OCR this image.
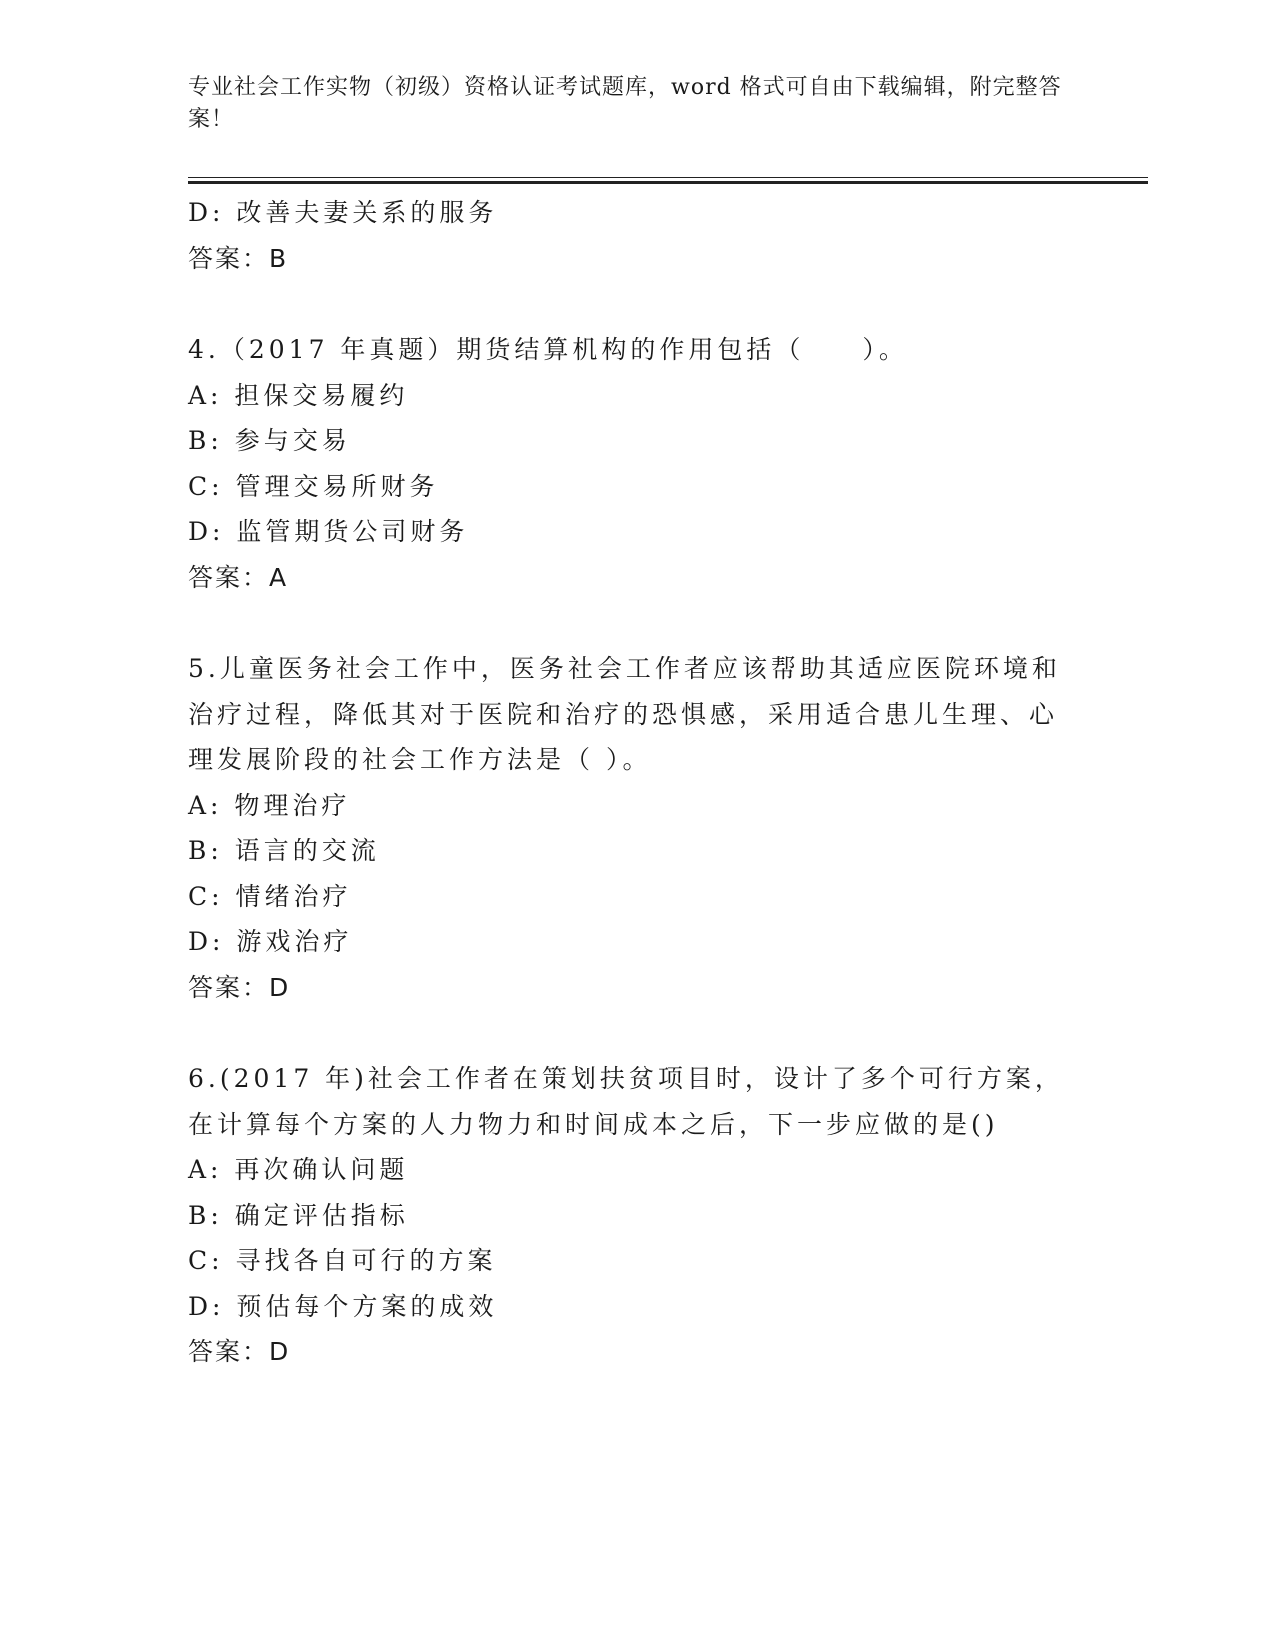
专业社会工作实物（初级）资格认证考试题库，word 格式可自由下载编辑，附完整答案！
D: 改善夫妻关系的服务
答案：B
4.（2017 年真题）期货结算机构的作用包括（　　）。
A: 担保交易履约
B: 参与交易
C: 管理交易所财务
D: 监管期货公司财务
答案：A
5.儿童医务社会工作中，医务社会工作者应该帮助其适应医院环境和治疗过程，降低其对于医院和治疗的恐惧感，采用适合患儿生理、心理发展阶段的社会工作方法是（ ）。
A: 物理治疗
B: 语言的交流
C: 情绪治疗
D: 游戏治疗
答案：D
6.(2017 年)社会工作者在策划扶贫项目时，设计了多个可行方案，在计算每个方案的人力物力和时间成本之后，下一步应做的是()
A: 再次确认问题
B: 确定评估指标
C: 寻找各自可行的方案
D: 预估每个方案的成效
答案：D
